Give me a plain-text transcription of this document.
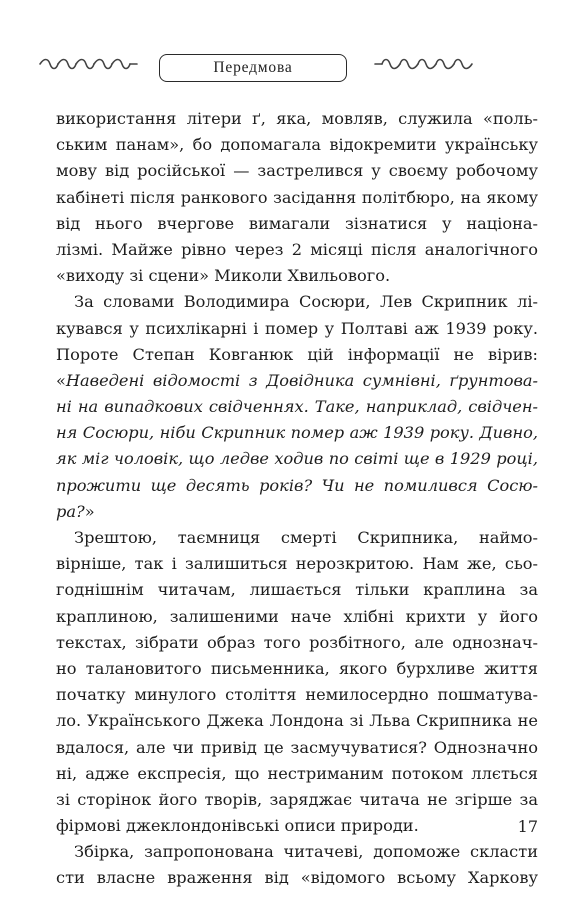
Передмова
використання літери ґ, яка, мовляв, служила «поль-
ським панам», бо допомагала відокремити українську
мову від російської — застрелився у своєму робочому
кабінеті після ранкового засідання політбюро, на якому
від нього вчергове вимагали зізнатися у націона-
лізмі. Майже рівно через 2 місяці після аналогічного
«виходу зі сцени» Миколи Хвильового.
За словами Володимира Сосюри, Лев Скрипник лі-
кувався у психлікарні і помер у Полтаві аж 1939 року.
Пороте Степан Ковганюк цій інформації не вірив:
«Наведені відомості з Довідника сумнівні, ґрунтова-
ні на випадкових свідченнях. Таке, наприклад, свідчен-
ня Сосюри, ніби Скрипник помер аж 1939 року. Дивно,
як міг чоловік, що ледве ходив по світі ще в 1929 році,
прожити ще десять років? Чи не помилився Сосю-
ра?»
Зрештою, таємниця смерті Скрипника, наймо-
вірніше, так і залишиться нерозкритою. Нам же, сьо-
годнішнім читачам, лишається тільки краплина за
краплиною, залишеними наче хлібні крихти у його
текстах, зібрати образ того розбітного, але однознач-
но талановитого письменника, якого бурхливе життя
початку минулого століття немилосердно пошматува-
ло. Українського Джека Лондона зі Льва Скрипника не
вдалося, але чи привід це засмучуватися? Однозначно
ні, адже експресія, що нестриманим потоком ллється
зі сторінок його творів, заряджає читача не згірше за
фірмові джеклондонівські описи природи.
Збірка, запропонована читачеві, допоможе скласти
сти власне враження від «відомого всьому Харкову
17
